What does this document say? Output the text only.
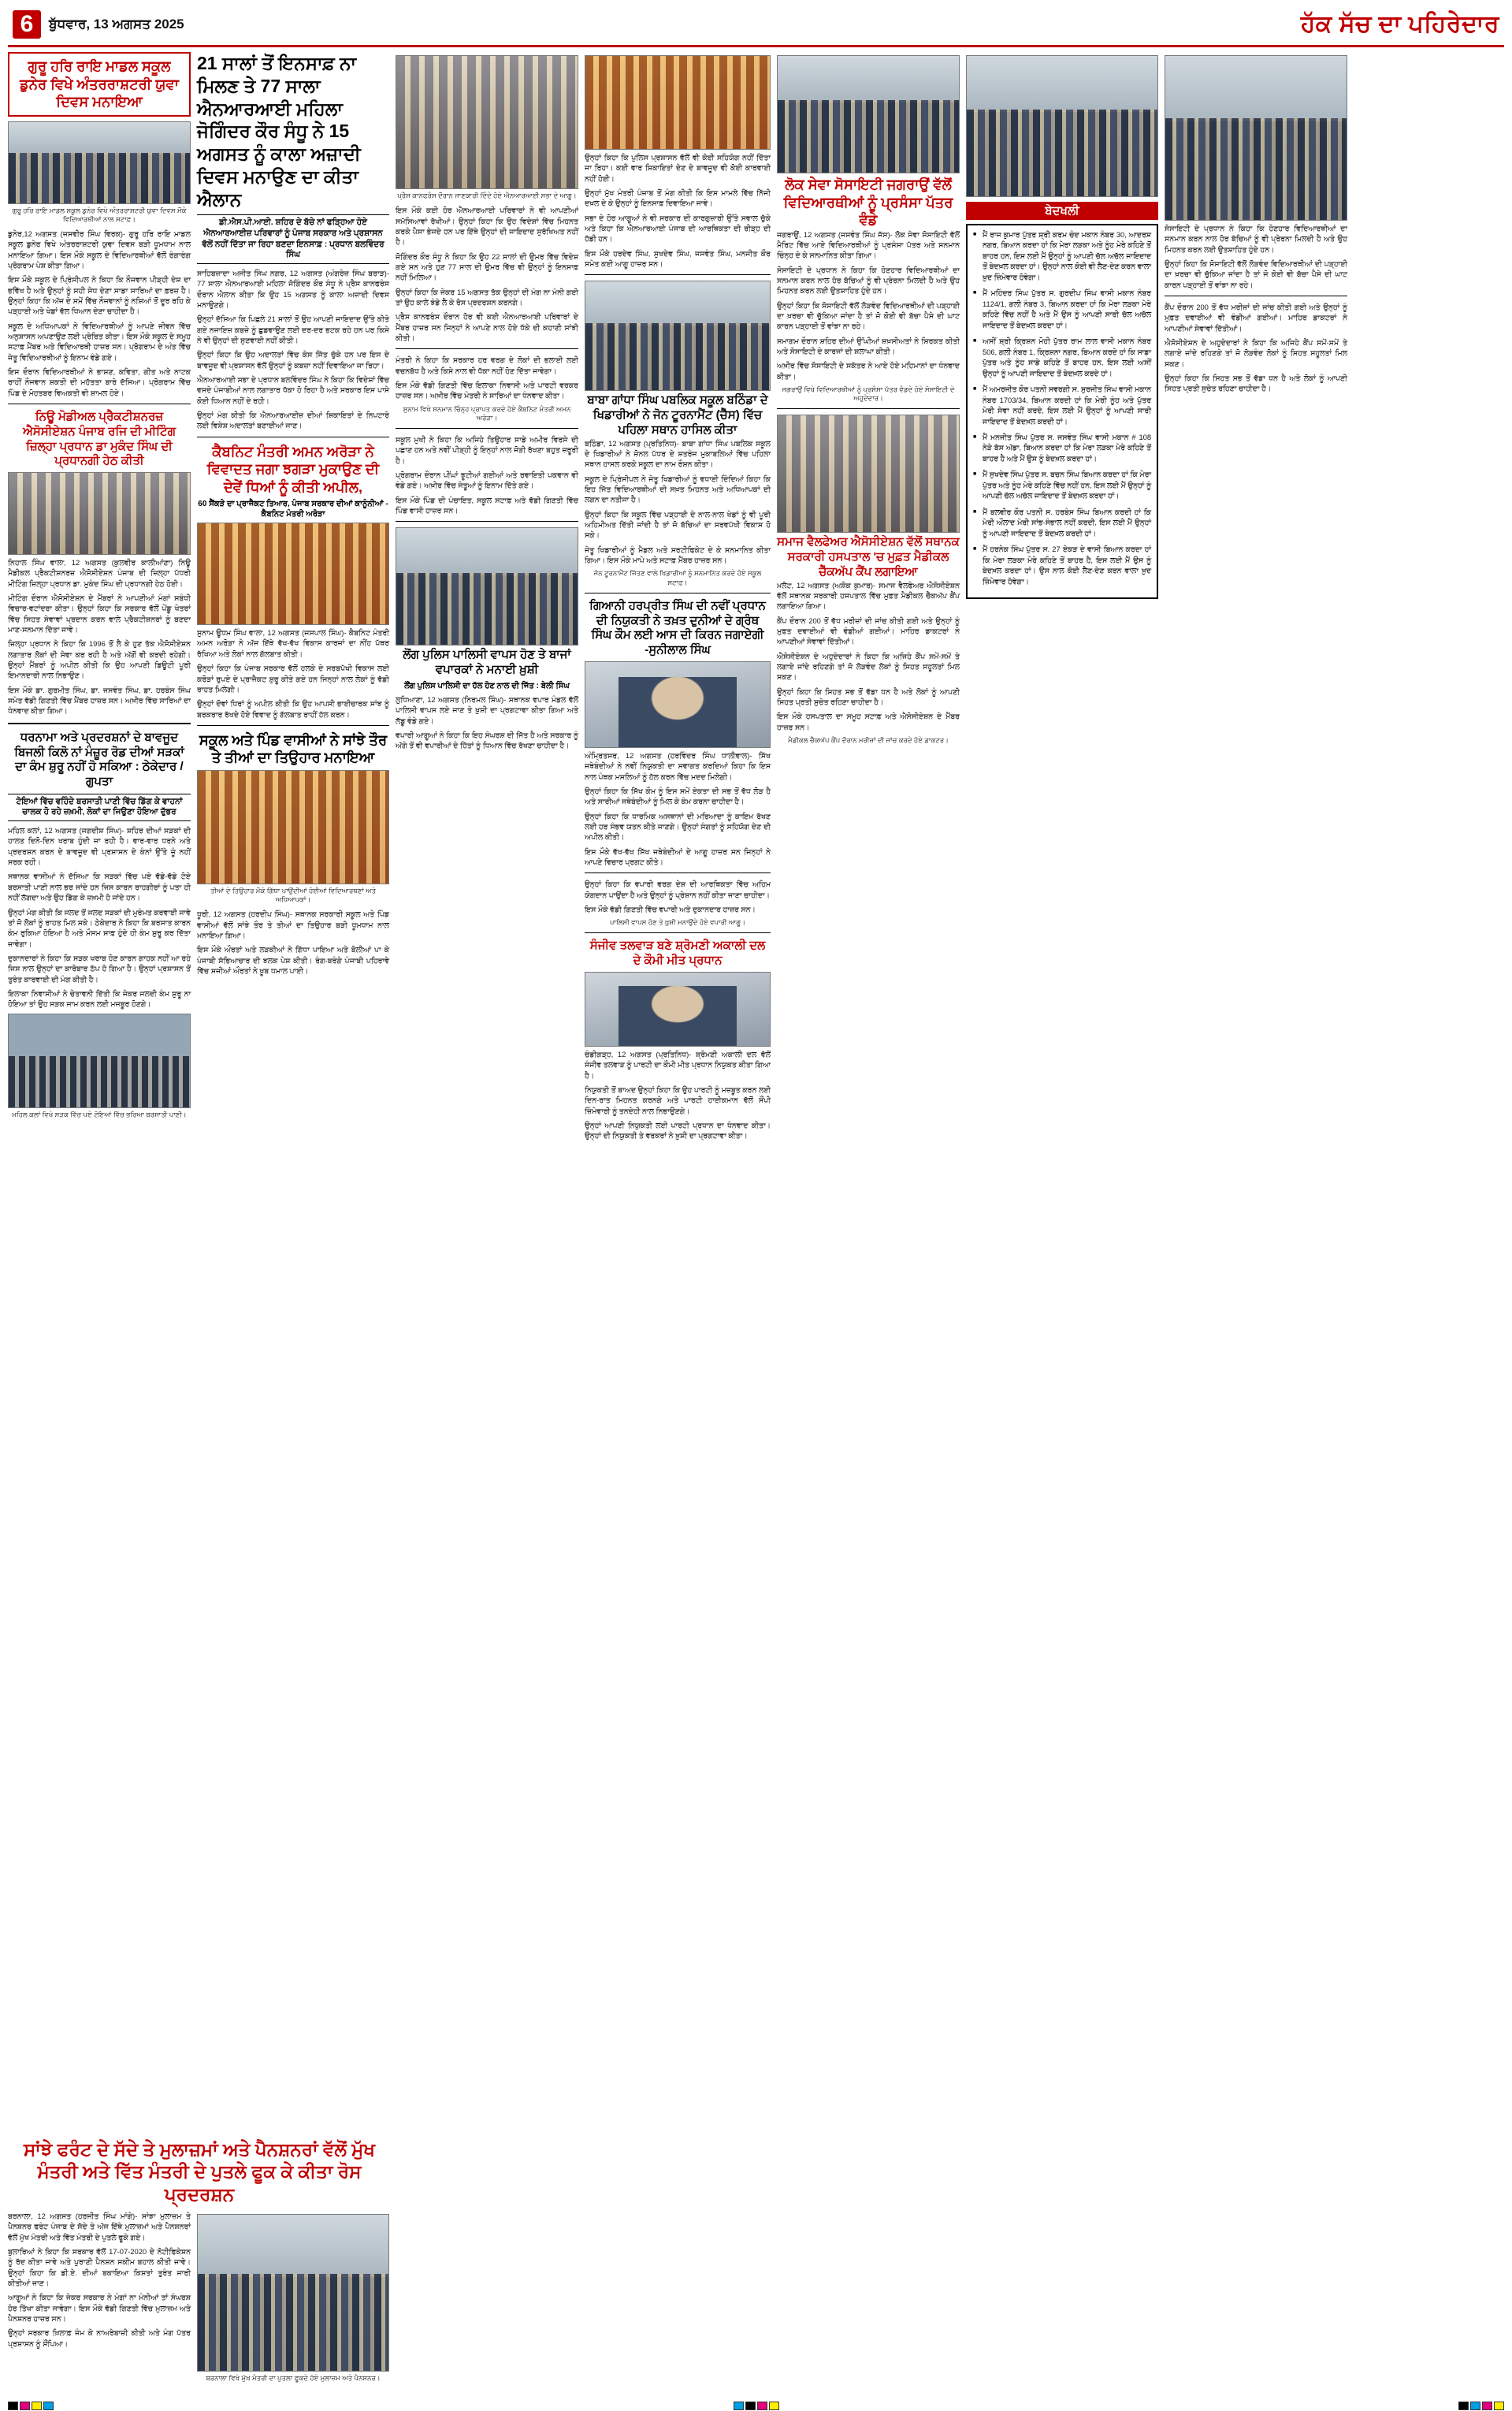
6	ਬੁੱਧਵਾਰ, 13 ਅਗਸਤ 2025	ਹੱਕ ਸੱਚ ਦਾ ਪਹਿਰੇਦਾਰ
ਗੁਰੂ ਹਰਿ ਰਾਇ ਮਾਡਲ ਸਕੂਲ ਡੁਨੇਰ ਵਿਖੇ ਅੰਤਰਰਾਸ਼ਟਰੀ ਯੁਵਾ ਦਿਵਸ ਮਨਾਇਆ
ਗੁਰੂ ਹਰਿ ਰਾਇ ਮਾਡਲ ਸਕੂਲ ਡੁਨੇਰ ਵਿਖੇ ਅੰਤਰਰਾਸ਼ਟਰੀ ਯੁਵਾ ਦਿਵਸ ਮੌਕੇ ਵਿਦਿਆਰਥੀਆਂ ਨਾਲ ਸਟਾਫ਼।

ਡੁਨੇਰ,12 ਅਗਸਤ (ਜਸਵੀਰ ਸਿੰਘ ਵਿਰਕ)- ਗੁਰੂ ਹਰਿ ਰਾਇ ਮਾਡਲ ਸਕੂਲ ਡੁਨੇਰ ਵਿਖੇ ਅੰਤਰਰਾਸ਼ਟਰੀ ਯੁਵਾ ਦਿਵਸ ਬੜੀ ਧੂਮਧਾਮ ਨਾਲ ਮਨਾਇਆ ਗਿਆ। ਇਸ ਮੌਕੇ ਸਕੂਲ ਦੇ ਵਿਦਿਆਰਥੀਆਂ ਵੱਲੋਂ ਰੰਗਾਰੰਗ ਪ੍ਰੋਗਰਾਮ ਪੇਸ਼ ਕੀਤਾ ਗਿਆ।

ਇਸ ਮੌਕੇ ਸਕੂਲ ਦੇ ਪ੍ਰਿੰਸੀਪਲ ਨੇ ਕਿਹਾ ਕਿ ਨੌਜਵਾਨ ਪੀੜ੍ਹੀ ਦੇਸ਼ ਦਾ ਭਵਿੱਖ ਹੈ ਅਤੇ ਉਨ੍ਹਾਂ ਨੂੰ ਸਹੀ ਸੇਧ ਦੇਣਾ ਸਾਡਾ ਸਾਰਿਆਂ ਦਾ ਫ਼ਰਜ਼ ਹੈ। ਉਨ੍ਹਾਂ ਕਿਹਾ ਕਿ ਅੱਜ ਦੇ ਸਮੇਂ ਵਿੱਚ ਨੌਜਵਾਨਾਂ ਨੂੰ ਨਸ਼ਿਆਂ ਤੋਂ ਦੂਰ ਰਹਿ ਕੇ ਪੜ੍ਹਾਈ ਅਤੇ ਖੇਡਾਂ ਵੱਲ ਧਿਆਨ ਦੇਣਾ ਚਾਹੀਦਾ ਹੈ।

ਸਕੂਲ ਦੇ ਅਧਿਆਪਕਾਂ ਨੇ ਵਿਦਿਆਰਥੀਆਂ ਨੂੰ ਆਪਣੇ ਜੀਵਨ ਵਿੱਚ ਅਨੁਸ਼ਾਸਨ ਅਪਣਾਉਣ ਲਈ ਪ੍ਰੇਰਿਤ ਕੀਤਾ। ਇਸ ਮੌਕੇ ਸਕੂਲ ਦੇ ਸਮੂਹ ਸਟਾਫ਼ ਮੈਂਬਰ ਅਤੇ ਵਿਦਿਆਰਥੀ ਹਾਜ਼ਰ ਸਨ। ਪ੍ਰੋਗਰਾਮ ਦੇ ਅੰਤ ਵਿੱਚ ਜੇਤੂ ਵਿਦਿਆਰਥੀਆਂ ਨੂੰ ਇਨਾਮ ਵੰਡੇ ਗਏ।

ਇਸ ਦੌਰਾਨ ਵਿਦਿਆਰਥੀਆਂ ਨੇ ਭਾਸ਼ਣ, ਕਵਿਤਾ, ਗੀਤ ਅਤੇ ਨਾਟਕ ਰਾਹੀਂ ਨੌਜਵਾਨ ਸ਼ਕਤੀ ਦੀ ਮਹੱਤਤਾ ਬਾਰੇ ਦੱਸਿਆ। ਪ੍ਰੋਗਰਾਮ ਵਿੱਚ ਪਿੰਡ ਦੇ ਮੋਹਤਬਰ ਵਿਅਕਤੀ ਵੀ ਸ਼ਾਮਲ ਹੋਏ।

ਨਿਊ ਮੋਡੀਅਲ ਪ੍ਰੈਕਟੀਸ਼ਨਰਜ਼ ਐਸੋਸੀਏਸ਼ਨ ਪੰਜਾਬ ਰਜਿ ਦੀ ਮੀਟਿੰਗ ਜ਼ਿਲ੍ਹਾ ਪ੍ਰਧਾਨ ਡਾ ਮੁਕੰਦ ਸਿੰਘ ਦੀ ਪ੍ਰਧਾਨਗੀ ਹੇਠ ਕੀਤੀ

ਨਿਹਾਲ ਸਿੰਘ ਵਾਲਾ, 12 ਅਗਸਤ (ਕੁਲਵੀਰ ਕਾਲੀਆਂਣਾ) ਨਿਊ ਮੈਡੀਕਲ ਪ੍ਰੈਕਟੀਸ਼ਨਰਜ਼ ਐਸੋਸੀਏਸ਼ਨ ਪੰਜਾਬ ਦੀ ਜ਼ਿਲ੍ਹਾ ਪੱਧਰੀ ਮੀਟਿੰਗ ਜ਼ਿਲ੍ਹਾ ਪ੍ਰਧਾਨ ਡਾ. ਮੁਕੰਦ ਸਿੰਘ ਦੀ ਪ੍ਰਧਾਨਗੀ ਹੇਠ ਹੋਈ।

ਮੀਟਿੰਗ ਦੌਰਾਨ ਐਸੋਸੀਏਸ਼ਨ ਦੇ ਮੈਂਬਰਾਂ ਨੇ ਆਪਣੀਆਂ ਮੰਗਾਂ ਸਬੰਧੀ ਵਿਚਾਰ-ਵਟਾਂਦਰਾ ਕੀਤਾ। ਉਨ੍ਹਾਂ ਕਿਹਾ ਕਿ ਸਰਕਾਰ ਵੱਲੋਂ ਪੇਂਡੂ ਖੇਤਰਾਂ ਵਿੱਚ ਸਿਹਤ ਸੇਵਾਵਾਂ ਪ੍ਰਦਾਨ ਕਰਨ ਵਾਲੇ ਪ੍ਰੈਕਟੀਸ਼ਨਰਾਂ ਨੂੰ ਬਣਦਾ ਮਾਣ-ਸਨਮਾਨ ਦਿੱਤਾ ਜਾਵੇ।

ਜ਼ਿਲ੍ਹਾ ਪ੍ਰਧਾਨ ਨੇ ਕਿਹਾ ਕਿ 1996 ਤੋਂ ਲੈ ਕੇ ਹੁਣ ਤੱਕ ਐਸੋਸੀਏਸ਼ਨ ਲਗਾਤਾਰ ਲੋਕਾਂ ਦੀ ਸੇਵਾ ਕਰ ਰਹੀ ਹੈ ਅਤੇ ਅੱਗੋਂ ਵੀ ਕਰਦੀ ਰਹੇਗੀ। ਉਨ੍ਹਾਂ ਮੈਂਬਰਾਂ ਨੂੰ ਅਪੀਲ ਕੀਤੀ ਕਿ ਉਹ ਆਪਣੀ ਡਿਊਟੀ ਪੂਰੀ ਇਮਾਨਦਾਰੀ ਨਾਲ ਨਿਭਾਉਣ।

ਇਸ ਮੌਕੇ ਡਾ. ਗੁਰਮੀਤ ਸਿੰਘ, ਡਾ. ਜਸਵੰਤ ਸਿੰਘ, ਡਾ. ਹਰਬੰਸ ਸਿੰਘ ਸਮੇਤ ਵੱਡੀ ਗਿਣਤੀ ਵਿੱਚ ਮੈਂਬਰ ਹਾਜ਼ਰ ਸਨ। ਅਖ਼ੀਰ ਵਿੱਚ ਸਾਰਿਆਂ ਦਾ ਧੰਨਵਾਦ ਕੀਤਾ ਗਿਆ।

ਧਰਨਾਮਾ ਅਤੇ ਪ੍ਰਦਰਸ਼ਨਾਂ ਦੇ ਬਾਵਜੂਦ ਬਿਜਲੀ ਕਿਲੋ ਨਾਂ ਮੰਜ਼ੂਰ ਰੋਡ ਦੀਆਂ ਸੜਕਾਂ ਦਾ ਕੰਮ ਸ਼ੁਰੂ ਨਹੀਂ ਹੋ ਸਕਿਆ : ਠੇਕੇਦਾਰ / ਗੁਪਤਾ
ਟੋਇਆਂ ਵਿੱਚ ਵਹਿੰਦੇ ਬਰਸਾਤੀ ਪਾਣੀ ਵਿੱਚ ਡਿੱਗ ਕੇ ਵਾਹਨਾਂ ਚਾਲਕ ਹੋ ਰਹੇ ਜ਼ਖ਼ਮੀ, ਲੋਕਾਂ ਦਾ ਜਿਉਣਾ ਹੋਇਆ ਦੁੱਭਰ

ਮਹਿਲ ਕਲਾਂ, 12 ਅਗਸਤ (ਜਗਦੀਸ਼ ਸਿੰਘ)- ਸ਼ਹਿਰ ਦੀਆਂ ਸੜਕਾਂ ਦੀ ਹਾਲਤ ਦਿਨੋ-ਦਿਨ ਖਰਾਬ ਹੁੰਦੀ ਜਾ ਰਹੀ ਹੈ। ਵਾਰ-ਵਾਰ ਧਰਨੇ ਅਤੇ ਪ੍ਰਦਰਸ਼ਨ ਕਰਨ ਦੇ ਬਾਵਜੂਦ ਵੀ ਪ੍ਰਸ਼ਾਸਨ ਦੇ ਕੰਨਾਂ ਉੱਤੇ ਜੂੰ ਨਹੀਂ ਸਰਕ ਰਹੀ।

ਸਥਾਨਕ ਵਾਸੀਆਂ ਨੇ ਦੱਸਿਆ ਕਿ ਸੜਕਾਂ ਵਿੱਚ ਪਏ ਵੱਡੇ-ਵੱਡੇ ਟੋਏ ਬਰਸਾਤੀ ਪਾਣੀ ਨਾਲ ਭਰ ਜਾਂਦੇ ਹਨ ਜਿਸ ਕਾਰਨ ਰਾਹਗੀਰਾਂ ਨੂੰ ਪਤਾ ਹੀ ਨਹੀਂ ਲੱਗਦਾ ਅਤੇ ਉਹ ਡਿੱਗ ਕੇ ਜ਼ਖ਼ਮੀ ਹੋ ਜਾਂਦੇ ਹਨ।

ਉਨ੍ਹਾਂ ਮੰਗ ਕੀਤੀ ਕਿ ਜਲਦ ਤੋਂ ਜਲਦ ਸੜਕਾਂ ਦੀ ਮੁਰੰਮਤ ਕਰਵਾਈ ਜਾਵੇ ਤਾਂ ਜੋ ਲੋਕਾਂ ਨੂੰ ਰਾਹਤ ਮਿਲ ਸਕੇ। ਠੇਕੇਦਾਰ ਨੇ ਕਿਹਾ ਕਿ ਬਰਸਾਤ ਕਾਰਨ ਕੰਮ ਰੁਕਿਆ ਹੋਇਆ ਹੈ ਅਤੇ ਮੌਸਮ ਸਾਫ਼ ਹੁੰਦੇ ਹੀ ਕੰਮ ਸ਼ੁਰੂ ਕਰ ਦਿੱਤਾ ਜਾਵੇਗਾ।

ਦੁਕਾਨਦਾਰਾਂ ਨੇ ਕਿਹਾ ਕਿ ਸੜਕ ਖਰਾਬ ਹੋਣ ਕਾਰਨ ਗਾਹਕ ਨਹੀਂ ਆ ਰਹੇ ਜਿਸ ਨਾਲ ਉਨ੍ਹਾਂ ਦਾ ਕਾਰੋਬਾਰ ਠੱਪ ਹੋ ਗਿਆ ਹੈ। ਉਨ੍ਹਾਂ ਪ੍ਰਸ਼ਾਸਨ ਤੋਂ ਤੁਰੰਤ ਕਾਰਵਾਈ ਦੀ ਮੰਗ ਕੀਤੀ ਹੈ।

ਇਲਾਕਾ ਨਿਵਾਸੀਆਂ ਨੇ ਚੇਤਾਵਨੀ ਦਿੱਤੀ ਕਿ ਜੇਕਰ ਜਲਦੀ ਕੰਮ ਸ਼ੁਰੂ ਨਾ ਹੋਇਆ ਤਾਂ ਉਹ ਸੜਕ ਜਾਮ ਕਰਨ ਲਈ ਮਜਬੂਰ ਹੋਣਗੇ।

ਮਹਿਲ ਕਲਾਂ ਵਿਖੇ ਸੜਕ ਵਿੱਚ ਪਏ ਟੋਇਆਂ ਵਿੱਚ ਭਰਿਆ ਬਰਸਾਤੀ ਪਾਣੀ।
21 ਸਾਲਾਂ ਤੋਂ ਇਨਸਾਫ਼ ਨਾ ਮਿਲਣ ਤੇ 77 ਸਾਲਾ ਐਨਆਰਆਈ ਮਹਿਲਾ ਜੋਗਿੰਦਰ ਕੌਰ ਸੰਧੂ ਨੇ 15 ਅਗਸਤ ਨੂੰ ਕਾਲਾ ਅਜ਼ਾਦੀ ਦਿਵਸ ਮਨਾਉਣ ਦਾ ਕੀਤਾ ਐਲਾਨ
ਡੀ.ਐਸ.ਪੀ.ਆਈ. ਸ਼ਹਿਰ ਦੇ ਬੱਚੇ ਨਾਂ ਫੜ੍ਹਿਆ ਹੋਏ ਐਨਆਰਆਈਜ਼ ਪਰਿਵਾਰਾਂ ਨੂੰ ਪੰਜਾਬ ਸਰਕਾਰ ਅਤੇ ਪ੍ਰਸ਼ਾਸਨ ਵੱਲੋਂ ਨਹੀਂ ਦਿੱਤਾ ਜਾ ਰਿਹਾ ਬਣਦਾ ਇਨਸਾਫ਼ : ਪ੍ਰਧਾਨ ਬਲਵਿੰਦਰ ਸਿੰਘ

ਸਾਹਿਬਜ਼ਾਦਾ ਅਜੀਤ ਸਿੰਘ ਨਗਰ, 12 ਅਗਸਤ (ਅੰਗਰੇਜ਼ ਸਿੰਘ ਬਰਾੜ)- 77 ਸਾਲਾ ਐਨਆਰਆਈ ਮਹਿਲਾ ਜੋਗਿੰਦਰ ਕੌਰ ਸੰਧੂ ਨੇ ਪ੍ਰੈਸ ਕਾਨਫਰੰਸ ਦੌਰਾਨ ਐਲਾਨ ਕੀਤਾ ਕਿ ਉਹ 15 ਅਗਸਤ ਨੂੰ ਕਾਲਾ ਅਜ਼ਾਦੀ ਦਿਵਸ ਮਨਾਉਣਗੇ।

ਉਨ੍ਹਾਂ ਦੱਸਿਆ ਕਿ ਪਿਛਲੇ 21 ਸਾਲਾਂ ਤੋਂ ਉਹ ਆਪਣੀ ਜਾਇਦਾਦ ਉੱਤੇ ਕੀਤੇ ਗਏ ਨਜਾਇਜ਼ ਕਬਜ਼ੇ ਨੂੰ ਛੁਡਵਾਉਣ ਲਈ ਦਰ-ਦਰ ਭਟਕ ਰਹੇ ਹਨ ਪਰ ਕਿਸੇ ਨੇ ਵੀ ਉਨ੍ਹਾਂ ਦੀ ਸੁਣਵਾਈ ਨਹੀਂ ਕੀਤੀ।

ਉਨ੍ਹਾਂ ਕਿਹਾ ਕਿ ਉਹ ਅਦਾਲਤਾਂ ਵਿੱਚ ਕੇਸ ਜਿੱਤ ਚੁੱਕੇ ਹਨ ਪਰ ਇਸ ਦੇ ਬਾਵਜੂਦ ਵੀ ਪ੍ਰਸ਼ਾਸਨ ਵੱਲੋਂ ਉਨ੍ਹਾਂ ਨੂੰ ਕਬਜ਼ਾ ਨਹੀਂ ਦਿਵਾਇਆ ਜਾ ਰਿਹਾ।

ਐਨਆਰਆਈ ਸਭਾ ਦੇ ਪ੍ਰਧਾਨ ਬਲਵਿੰਦਰ ਸਿੰਘ ਨੇ ਕਿਹਾ ਕਿ ਵਿਦੇਸ਼ਾਂ ਵਿੱਚ ਵਸਦੇ ਪੰਜਾਬੀਆਂ ਨਾਲ ਲਗਾਤਾਰ ਧੱਕਾ ਹੋ ਰਿਹਾ ਹੈ ਅਤੇ ਸਰਕਾਰ ਇਸ ਪਾਸੇ ਕੋਈ ਧਿਆਨ ਨਹੀਂ ਦੇ ਰਹੀ।

ਉਨ੍ਹਾਂ ਮੰਗ ਕੀਤੀ ਕਿ ਐਨਆਰਆਈਜ਼ ਦੀਆਂ ਸ਼ਿਕਾਇਤਾਂ ਦੇ ਨਿਪਟਾਰੇ ਲਈ ਵਿਸ਼ੇਸ਼ ਅਦਾਲਤਾਂ ਬਣਾਈਆਂ ਜਾਣ।

ਕੈਬਨਿਟ ਮੰਤਰੀ ਅਮਨ ਅਰੋੜਾ ਨੇ ਵਿਵਾਦਤ ਜਗਾ ਝਗੜਾ ਮੁਕਾਉਣ ਦੀ ਦੇਵੇਂ ਧਿਆਂ ਨੂੰ ਕੀਤੀ ਅਪੀਲ,
60 ਸੈਂਕੜੇ ਦਾ ਪ੍ਰਾਜੈਕਟ ਤਿਆਰ, ਪੰਜਾਬ ਸਰਕਾਰ ਦੀਆਂ ਕਾਨੂੰਨੀਆਂ - ਕੈਬਨਿਟ ਮੰਤਰੀ ਅਰੋੜਾ

ਸੁਨਾਮ ਊਧਮ ਸਿੰਘ ਵਾਲਾ, 12 ਅਗਸਤ (ਜਸਪਾਲ ਸਿੰਘ)- ਕੈਬਨਿਟ ਮੰਤਰੀ ਅਮਨ ਅਰੋੜਾ ਨੇ ਅੱਜ ਇੱਥੇ ਵੱਖ-ਵੱਖ ਵਿਕਾਸ ਕਾਰਜਾਂ ਦਾ ਨੀਂਹ ਪੱਥਰ ਰੱਖਿਆ ਅਤੇ ਲੋਕਾਂ ਨਾਲ ਗੱਲਬਾਤ ਕੀਤੀ।

ਉਨ੍ਹਾਂ ਕਿਹਾ ਕਿ ਪੰਜਾਬ ਸਰਕਾਰ ਵੱਲੋਂ ਹਲਕੇ ਦੇ ਸਰਬਪੱਖੀ ਵਿਕਾਸ ਲਈ ਕਰੋੜਾਂ ਰੁਪਏ ਦੇ ਪ੍ਰਾਜੈਕਟ ਸ਼ੁਰੂ ਕੀਤੇ ਗਏ ਹਨ ਜਿਨ੍ਹਾਂ ਨਾਲ ਲੋਕਾਂ ਨੂੰ ਵੱਡੀ ਰਾਹਤ ਮਿਲੇਗੀ।

ਉਨ੍ਹਾਂ ਦੋਵਾਂ ਧਿਰਾਂ ਨੂੰ ਅਪੀਲ ਕੀਤੀ ਕਿ ਉਹ ਆਪਸੀ ਭਾਈਚਾਰਕ ਸਾਂਝ ਨੂੰ ਬਰਕਰਾਰ ਰੱਖਦੇ ਹੋਏ ਵਿਵਾਦ ਨੂੰ ਗੱਲਬਾਤ ਰਾਹੀਂ ਹੱਲ ਕਰਨ।

ਸਕੂਲ ਅਤੇ ਪਿੰਡ ਵਾਸੀਆਂ ਨੇ ਸਾਂਝੇ ਤੌਰ ਤੇ ਤੀਆਂ ਦਾ ਤਿਉਹਾਰ ਮਨਾਇਆ
ਤੀਆਂ ਦੇ ਤਿਉਹਾਰ ਮੌਕੇ ਗਿੱਧਾ ਪਾਉਂਦੀਆਂ ਹੋਈਆਂ ਵਿਦਿਆਰਥਣਾਂ ਅਤੇ ਅਧਿਆਪਕਾਂ।

ਧੂਰੀ, 12 ਅਗਸਤ (ਹਰਦੀਪ ਸਿੰਘ)- ਸਥਾਨਕ ਸਰਕਾਰੀ ਸਕੂਲ ਅਤੇ ਪਿੰਡ ਵਾਸੀਆਂ ਵੱਲੋਂ ਸਾਂਝੇ ਤੌਰ ਤੇ ਤੀਆਂ ਦਾ ਤਿਉਹਾਰ ਬੜੀ ਧੂਮਧਾਮ ਨਾਲ ਮਨਾਇਆ ਗਿਆ।

ਇਸ ਮੌਕੇ ਔਰਤਾਂ ਅਤੇ ਲੜਕੀਆਂ ਨੇ ਗਿੱਧਾ ਪਾਇਆ ਅਤੇ ਬੋਲੀਆਂ ਪਾ ਕੇ ਪੰਜਾਬੀ ਸੱਭਿਆਚਾਰ ਦੀ ਝਲਕ ਪੇਸ਼ ਕੀਤੀ। ਰੰਗ-ਬਰੰਗੇ ਪੰਜਾਬੀ ਪਹਿਰਾਵੇ ਵਿੱਚ ਸਜੀਆਂ ਔਰਤਾਂ ਨੇ ਖ਼ੂਬ ਧਮਾਲ ਪਾਈ।

ਪ੍ਰੈਸ ਕਾਨਫਰੰਸ ਦੌਰਾਨ ਜਾਣਕਾਰੀ ਦਿੰਦੇ ਹੋਏ ਐਨਆਰਆਈ ਸਭਾ ਦੇ ਆਗੂ।

ਇਸ ਮੌਕੇ ਕਈ ਹੋਰ ਐਨਆਰਆਈ ਪਰਿਵਾਰਾਂ ਨੇ ਵੀ ਆਪਣੀਆਂ ਸਮੱਸਿਆਵਾਂ ਰੱਖੀਆਂ। ਉਨ੍ਹਾਂ ਕਿਹਾ ਕਿ ਉਹ ਵਿਦੇਸ਼ਾਂ ਵਿੱਚ ਮਿਹਨਤ ਕਰਕੇ ਪੈਸਾ ਭੇਜਦੇ ਹਨ ਪਰ ਇੱਥੇ ਉਨ੍ਹਾਂ ਦੀ ਜਾਇਦਾਦ ਸੁਰੱਖਿਅਤ ਨਹੀਂ ਹੈ।

ਜੋਗਿੰਦਰ ਕੌਰ ਸੰਧੂ ਨੇ ਕਿਹਾ ਕਿ ਉਹ 22 ਸਾਲਾਂ ਦੀ ਉਮਰ ਵਿੱਚ ਵਿਦੇਸ਼ ਗਏ ਸਨ ਅਤੇ ਹੁਣ 77 ਸਾਲ ਦੀ ਉਮਰ ਵਿੱਚ ਵੀ ਉਨ੍ਹਾਂ ਨੂੰ ਇਨਸਾਫ਼ ਨਹੀਂ ਮਿਲਿਆ।

ਉਨ੍ਹਾਂ ਕਿਹਾ ਕਿ ਜੇਕਰ 15 ਅਗਸਤ ਤੱਕ ਉਨ੍ਹਾਂ ਦੀ ਮੰਗ ਨਾ ਮੰਨੀ ਗਈ ਤਾਂ ਉਹ ਕਾਲੇ ਝੰਡੇ ਲੈ ਕੇ ਰੋਸ ਪ੍ਰਦਰਸ਼ਨ ਕਰਨਗੇ।

ਪ੍ਰੈਸ ਕਾਨਫਰੰਸ ਦੌਰਾਨ ਹੋਰ ਵੀ ਕਈ ਐਨਆਰਆਈ ਪਰਿਵਾਰਾਂ ਦੇ ਮੈਂਬਰ ਹਾਜ਼ਰ ਸਨ ਜਿਨ੍ਹਾਂ ਨੇ ਆਪਣੇ ਨਾਲ ਹੋਏ ਧੱਕੇ ਦੀ ਕਹਾਣੀ ਸਾਂਝੀ ਕੀਤੀ।

ਮੰਤਰੀ ਨੇ ਕਿਹਾ ਕਿ ਸਰਕਾਰ ਹਰ ਵਰਗ ਦੇ ਲੋਕਾਂ ਦੀ ਭਲਾਈ ਲਈ ਵਚਨਬੱਧ ਹੈ ਅਤੇ ਕਿਸੇ ਨਾਲ ਵੀ ਧੱਕਾ ਨਹੀਂ ਹੋਣ ਦਿੱਤਾ ਜਾਵੇਗਾ।

ਇਸ ਮੌਕੇ ਵੱਡੀ ਗਿਣਤੀ ਵਿੱਚ ਇਲਾਕਾ ਨਿਵਾਸੀ ਅਤੇ ਪਾਰਟੀ ਵਰਕਰ ਹਾਜ਼ਰ ਸਨ। ਅਖ਼ੀਰ ਵਿੱਚ ਮੰਤਰੀ ਨੇ ਸਾਰਿਆਂ ਦਾ ਧੰਨਵਾਦ ਕੀਤਾ।

ਸੁਨਾਮ ਵਿਖੇ ਸਨਮਾਨ ਚਿੰਨ੍ਹ ਪ੍ਰਾਪਤ ਕਰਦੇ ਹੋਏ ਕੈਬਨਿਟ ਮੰਤਰੀ ਅਮਨ ਅਰੋੜਾ।

ਸਕੂਲ ਮੁਖੀ ਨੇ ਕਿਹਾ ਕਿ ਅਜਿਹੇ ਤਿਉਹਾਰ ਸਾਡੇ ਅਮੀਰ ਵਿਰਸੇ ਦੀ ਪਛਾਣ ਹਨ ਅਤੇ ਨਵੀਂ ਪੀੜ੍ਹੀ ਨੂੰ ਇਨ੍ਹਾਂ ਨਾਲ ਜੋੜੀ ਰੱਖਣਾ ਬਹੁਤ ਜ਼ਰੂਰੀ ਹੈ।

ਪ੍ਰੋਗਰਾਮ ਦੌਰਾਨ ਪੀਂਘਾਂ ਝੂਟੀਆਂ ਗਈਆਂ ਅਤੇ ਰਵਾਇਤੀ ਪਕਵਾਨ ਵੀ ਵੰਡੇ ਗਏ। ਅਖ਼ੀਰ ਵਿੱਚ ਜੇਤੂਆਂ ਨੂੰ ਇਨਾਮ ਦਿੱਤੇ ਗਏ।

ਇਸ ਮੌਕੇ ਪਿੰਡ ਦੀ ਪੰਚਾਇਤ, ਸਕੂਲ ਸਟਾਫ਼ ਅਤੇ ਵੱਡੀ ਗਿਣਤੀ ਵਿੱਚ ਪਿੰਡ ਵਾਸੀ ਹਾਜ਼ਰ ਸਨ।

ਲੋਂਗ ਪੁਲਿਸ ਪਾਲਿਸੀ ਵਾਪਸ ਹੋਣ ਤੇ ਬਾਜਾਂ ਵਪਾਰਕਾਂ ਨੇ ਮਨਾਈ ਖ਼ੁਸ਼ੀ
ਲੌਂਗ ਪੁਲਿਸ ਪਾਲਿਸੀ ਦਾ ਹੱਲ ਹੋਣ ਨਾਲ ਦੀ ਜਿੱਤ : ਬੇਲੀ ਸਿੰਘ

ਲੁਧਿਆਣਾ, 12 ਅਗਸਤ (ਨਿਰਮਲ ਸਿੰਘ)- ਸਥਾਨਕ ਵਪਾਰ ਮੰਡਲ ਵੱਲੋਂ ਪਾਲਿਸੀ ਵਾਪਸ ਲਏ ਜਾਣ ਤੇ ਖ਼ੁਸ਼ੀ ਦਾ ਪ੍ਰਗਟਾਵਾ ਕੀਤਾ ਗਿਆ ਅਤੇ ਲੱਡੂ ਵੰਡੇ ਗਏ।

ਵਪਾਰੀ ਆਗੂਆਂ ਨੇ ਕਿਹਾ ਕਿ ਇਹ ਸੰਘਰਸ਼ ਦੀ ਜਿੱਤ ਹੈ ਅਤੇ ਸਰਕਾਰ ਨੂੰ ਅੱਗੇ ਤੋਂ ਵੀ ਵਪਾਰੀਆਂ ਦੇ ਹਿੱਤਾਂ ਨੂੰ ਧਿਆਨ ਵਿੱਚ ਰੱਖਣਾ ਚਾਹੀਦਾ ਹੈ।

ਉਨ੍ਹਾਂ ਕਿਹਾ ਕਿ ਪੁਲਿਸ ਪ੍ਰਸ਼ਾਸਨ ਵੱਲੋਂ ਵੀ ਕੋਈ ਸਹਿਯੋਗ ਨਹੀਂ ਦਿੱਤਾ ਜਾ ਰਿਹਾ। ਕਈ ਵਾਰ ਸ਼ਿਕਾਇਤਾਂ ਦੇਣ ਦੇ ਬਾਵਜੂਦ ਵੀ ਕੋਈ ਕਾਰਵਾਈ ਨਹੀਂ ਹੋਈ।

ਉਨ੍ਹਾਂ ਮੁੱਖ ਮੰਤਰੀ ਪੰਜਾਬ ਤੋਂ ਮੰਗ ਕੀਤੀ ਕਿ ਇਸ ਮਾਮਲੇ ਵਿੱਚ ਨਿੱਜੀ ਦਖ਼ਲ ਦੇ ਕੇ ਉਨ੍ਹਾਂ ਨੂੰ ਇਨਸਾਫ਼ ਦਿਵਾਇਆ ਜਾਵੇ।

ਸਭਾ ਦੇ ਹੋਰ ਆਗੂਆਂ ਨੇ ਵੀ ਸਰਕਾਰ ਦੀ ਕਾਰਗੁਜ਼ਾਰੀ ਉੱਤੇ ਸਵਾਲ ਚੁੱਕੇ ਅਤੇ ਕਿਹਾ ਕਿ ਐਨਆਰਆਈ ਪੰਜਾਬ ਦੀ ਆਰਥਿਕਤਾ ਦੀ ਰੀੜ੍ਹ ਦੀ ਹੱਡੀ ਹਨ।

ਇਸ ਮੌਕੇ ਹਰਦੇਵ ਸਿੰਘ, ਸੁਖਦੇਵ ਸਿੰਘ, ਜਸਵੰਤ ਸਿੰਘ, ਮਨਜੀਤ ਕੌਰ ਸਮੇਤ ਕਈ ਆਗੂ ਹਾਜ਼ਰ ਸਨ।

ਬਾਬਾ ਗਾਂਧਾ ਸਿੰਘ ਪਬਲਿਕ ਸਕੂਲ ਬਠਿੰਡਾ ਦੇ ਖਿਡਾਰੀਆਂ ਨੇ ਜੋਨ ਟੂਰਨਾਮੈਂਟ (ਚੈੱਸ) ਵਿੱਚ ਪਹਿਲਾ ਸਥਾਨ ਹਾਸਿਲ ਕੀਤਾ

ਬਠਿੰਡਾ, 12 ਅਗਸਤ (ਪ੍ਰਤਿਨਿਧ)- ਬਾਬਾ ਗਾਂਧਾ ਸਿੰਘ ਪਬਲਿਕ ਸਕੂਲ ਦੇ ਖਿਡਾਰੀਆਂ ਨੇ ਜ਼ੋਨਲ ਪੱਧਰ ਦੇ ਸ਼ਤਰੰਜ ਮੁਕਾਬਲਿਆਂ ਵਿੱਚ ਪਹਿਲਾ ਸਥਾਨ ਹਾਸਲ ਕਰਕੇ ਸਕੂਲ ਦਾ ਨਾਮ ਰੌਸ਼ਨ ਕੀਤਾ।

ਸਕੂਲ ਦੇ ਪ੍ਰਿੰਸੀਪਲ ਨੇ ਜੇਤੂ ਖਿਡਾਰੀਆਂ ਨੂੰ ਵਧਾਈ ਦਿੰਦਿਆਂ ਕਿਹਾ ਕਿ ਇਹ ਜਿੱਤ ਵਿਦਿਆਰਥੀਆਂ ਦੀ ਸਖ਼ਤ ਮਿਹਨਤ ਅਤੇ ਅਧਿਆਪਕਾਂ ਦੀ ਲਗਨ ਦਾ ਨਤੀਜਾ ਹੈ।

ਉਨ੍ਹਾਂ ਕਿਹਾ ਕਿ ਸਕੂਲ ਵਿੱਚ ਪੜ੍ਹਾਈ ਦੇ ਨਾਲ-ਨਾਲ ਖੇਡਾਂ ਨੂੰ ਵੀ ਪੂਰੀ ਅਹਿਮੀਅਤ ਦਿੱਤੀ ਜਾਂਦੀ ਹੈ ਤਾਂ ਜੋ ਬੱਚਿਆਂ ਦਾ ਸਰਵਪੱਖੀ ਵਿਕਾਸ ਹੋ ਸਕੇ।

ਜੇਤੂ ਖਿਡਾਰੀਆਂ ਨੂੰ ਮੈਡਲ ਅਤੇ ਸਰਟੀਫਿਕੇਟ ਦੇ ਕੇ ਸਨਮਾਨਿਤ ਕੀਤਾ ਗਿਆ। ਇਸ ਮੌਕੇ ਮਾਪੇ ਅਤੇ ਸਟਾਫ਼ ਮੈਂਬਰ ਹਾਜ਼ਰ ਸਨ।

ਜੋਨ ਟੂਰਨਾਮੈਂਟ ਜਿੱਤਣ ਵਾਲੇ ਖਿਡਾਰੀਆਂ ਨੂੰ ਸਨਮਾਨਿਤ ਕਰਦੇ ਹੋਏ ਸਕੂਲ ਸਟਾਫ਼।
ਗਿਆਨੀ ਹਰਪ੍ਰੀਤ ਸਿੰਘ ਦੀ ਨਵੀਂ ਪ੍ਰਧਾਨ ਦੀ ਨਿਯੁਕਤੀ ਨੇ ਤਖ਼ਤ ਦੁਨੀਆਂ ਦੇ ਗ੍ਰੰਥ ਸਿੰਘ ਕੌਮ ਲਈ ਆਸ ਦੀ ਕਿਰਨ ਜਗਾਏਗੀ -ਸੁਨੀਲਾਲ ਸਿੰਘ

ਅੰਮ੍ਰਿਤਸਰ, 12 ਅਗਸਤ (ਹਰਵਿੰਦਰ ਸਿੰਘ ਧਾਲੀਵਾਲ)- ਸਿੱਖ ਜਥੇਬੰਦੀਆਂ ਨੇ ਨਵੀਂ ਨਿਯੁਕਤੀ ਦਾ ਸਵਾਗਤ ਕਰਦਿਆਂ ਕਿਹਾ ਕਿ ਇਸ ਨਾਲ ਪੰਥਕ ਮਸਲਿਆਂ ਨੂੰ ਹੱਲ ਕਰਨ ਵਿੱਚ ਮਦਦ ਮਿਲੇਗੀ।

ਉਨ੍ਹਾਂ ਕਿਹਾ ਕਿ ਸਿੱਖ ਕੌਮ ਨੂੰ ਇਸ ਸਮੇਂ ਏਕਤਾ ਦੀ ਸਭ ਤੋਂ ਵੱਧ ਲੋੜ ਹੈ ਅਤੇ ਸਾਰੀਆਂ ਜਥੇਬੰਦੀਆਂ ਨੂੰ ਮਿਲ ਕੇ ਕੰਮ ਕਰਨਾ ਚਾਹੀਦਾ ਹੈ।

ਉਨ੍ਹਾਂ ਕਿਹਾ ਕਿ ਧਾਰਮਿਕ ਅਸਥਾਨਾਂ ਦੀ ਮਰਿਆਦਾ ਨੂੰ ਕਾਇਮ ਰੱਖਣ ਲਈ ਹਰ ਸੰਭਵ ਯਤਨ ਕੀਤੇ ਜਾਣਗੇ। ਉਨ੍ਹਾਂ ਸੰਗਤਾਂ ਨੂੰ ਸਹਿਯੋਗ ਦੇਣ ਦੀ ਅਪੀਲ ਕੀਤੀ।

ਇਸ ਮੌਕੇ ਵੱਖ-ਵੱਖ ਸਿੱਖ ਜਥੇਬੰਦੀਆਂ ਦੇ ਆਗੂ ਹਾਜ਼ਰ ਸਨ ਜਿਨ੍ਹਾਂ ਨੇ ਆਪਣੇ ਵਿਚਾਰ ਪ੍ਰਗਟ ਕੀਤੇ।

ਉਨ੍ਹਾਂ ਕਿਹਾ ਕਿ ਵਪਾਰੀ ਵਰਗ ਦੇਸ਼ ਦੀ ਆਰਥਿਕਤਾ ਵਿੱਚ ਅਹਿਮ ਯੋਗਦਾਨ ਪਾਉਂਦਾ ਹੈ ਅਤੇ ਉਨ੍ਹਾਂ ਨੂੰ ਪ੍ਰੇਸ਼ਾਨ ਨਹੀਂ ਕੀਤਾ ਜਾਣਾ ਚਾਹੀਦਾ।

ਇਸ ਮੌਕੇ ਵੱਡੀ ਗਿਣਤੀ ਵਿੱਚ ਵਪਾਰੀ ਅਤੇ ਦੁਕਾਨਦਾਰ ਹਾਜ਼ਰ ਸਨ।

ਪਾਲਿਸੀ ਵਾਪਸ ਹੋਣ ਤੇ ਖ਼ੁਸ਼ੀ ਮਨਾਉਂਦੇ ਹੋਏ ਵਪਾਰੀ ਆਗੂ।
ਸੰਜੀਵ ਤਲਵਾੜ ਬਣੇ ਸ਼੍ਰੋਮਣੀ ਅਕਾਲੀ ਦਲ ਦੇ ਕੌਮੀ ਮੀਤ ਪ੍ਰਧਾਨ

ਚੰਡੀਗੜ੍ਹ, 12 ਅਗਸਤ (ਪ੍ਰਤਿਨਿਧ)- ਸ਼੍ਰੋਮਣੀ ਅਕਾਲੀ ਦਲ ਵੱਲੋਂ ਸੰਜੀਵ ਤਲਵਾੜ ਨੂੰ ਪਾਰਟੀ ਦਾ ਕੌਮੀ ਮੀਤ ਪ੍ਰਧਾਨ ਨਿਯੁਕਤ ਕੀਤਾ ਗਿਆ ਹੈ।

ਨਿਯੁਕਤੀ ਤੋਂ ਬਾਅਦ ਉਨ੍ਹਾਂ ਕਿਹਾ ਕਿ ਉਹ ਪਾਰਟੀ ਨੂੰ ਮਜ਼ਬੂਤ ਕਰਨ ਲਈ ਦਿਨ-ਰਾਤ ਮਿਹਨਤ ਕਰਨਗੇ ਅਤੇ ਪਾਰਟੀ ਹਾਈਕਮਾਨ ਵੱਲੋਂ ਸੌਂਪੀ ਜ਼ਿੰਮੇਵਾਰੀ ਨੂੰ ਤਨਦੇਹੀ ਨਾਲ ਨਿਭਾਉਣਗੇ।

ਉਨ੍ਹਾਂ ਆਪਣੀ ਨਿਯੁਕਤੀ ਲਈ ਪਾਰਟੀ ਪ੍ਰਧਾਨ ਦਾ ਧੰਨਵਾਦ ਕੀਤਾ। ਉਨ੍ਹਾਂ ਦੀ ਨਿਯੁਕਤੀ ਤੇ ਵਰਕਰਾਂ ਨੇ ਖ਼ੁਸ਼ੀ ਦਾ ਪ੍ਰਗਟਾਵਾ ਕੀਤਾ।

ਲੋਕ ਸੇਵਾ ਸੋਸਾਇਟੀ ਜਗਰਾਉਂ ਵੱਲੋਂ ਵਿਦਿਆਰਥੀਆਂ ਨੂੰ ਪ੍ਰਸੰਸਾ ਪੱਤਰ ਵੰਡੇ

ਜਗਰਾਉਂ, 12 ਅਗਸਤ (ਜਸਵੰਤ ਸਿੰਘ ਜੱਸ)- ਲੋਕ ਸੇਵਾ ਸੋਸਾਇਟੀ ਵੱਲੋਂ ਮੈਰਿਟ ਵਿੱਚ ਆਏ ਵਿਦਿਆਰਥੀਆਂ ਨੂੰ ਪ੍ਰਸੰਸਾ ਪੱਤਰ ਅਤੇ ਸਨਮਾਨ ਚਿੰਨ੍ਹ ਦੇ ਕੇ ਸਨਮਾਨਿਤ ਕੀਤਾ ਗਿਆ।

ਸੋਸਾਇਟੀ ਦੇ ਪ੍ਰਧਾਨ ਨੇ ਕਿਹਾ ਕਿ ਹੋਣਹਾਰ ਵਿਦਿਆਰਥੀਆਂ ਦਾ ਸਨਮਾਨ ਕਰਨ ਨਾਲ ਹੋਰ ਬੱਚਿਆਂ ਨੂੰ ਵੀ ਪ੍ਰੇਰਨਾ ਮਿਲਦੀ ਹੈ ਅਤੇ ਉਹ ਮਿਹਨਤ ਕਰਨ ਲਈ ਉਤਸ਼ਾਹਿਤ ਹੁੰਦੇ ਹਨ।

ਉਨ੍ਹਾਂ ਕਿਹਾ ਕਿ ਸੋਸਾਇਟੀ ਵੱਲੋਂ ਲੋੜਵੰਦ ਵਿਦਿਆਰਥੀਆਂ ਦੀ ਪੜ੍ਹਾਈ ਦਾ ਖ਼ਰਚਾ ਵੀ ਚੁੱਕਿਆ ਜਾਂਦਾ ਹੈ ਤਾਂ ਜੋ ਕੋਈ ਵੀ ਬੱਚਾ ਪੈਸੇ ਦੀ ਘਾਟ ਕਾਰਨ ਪੜ੍ਹਾਈ ਤੋਂ ਵਾਂਝਾ ਨਾ ਰਹੇ।

ਸਮਾਗਮ ਦੌਰਾਨ ਸ਼ਹਿਰ ਦੀਆਂ ਉੱਘੀਆਂ ਸ਼ਖ਼ਸੀਅਤਾਂ ਨੇ ਸ਼ਿਰਕਤ ਕੀਤੀ ਅਤੇ ਸੋਸਾਇਟੀ ਦੇ ਕਾਰਜਾਂ ਦੀ ਸ਼ਲਾਘਾ ਕੀਤੀ।

ਅਖ਼ੀਰ ਵਿੱਚ ਸੋਸਾਇਟੀ ਦੇ ਸਕੱਤਰ ਨੇ ਆਏ ਹੋਏ ਮਹਿਮਾਨਾਂ ਦਾ ਧੰਨਵਾਦ ਕੀਤਾ।

ਜਗਰਾਉਂ ਵਿਖੇ ਵਿਦਿਆਰਥੀਆਂ ਨੂੰ ਪ੍ਰਸੰਸਾ ਪੱਤਰ ਵੰਡਦੇ ਹੋਏ ਸੋਸਾਇਟੀ ਦੇ ਅਹੁਦੇਦਾਰ।
ਸਮਾਜ ਵੈਲਫੇਅਰ ਐਸੋਸੀਏਸ਼ਨ ਵੱਲੋਂ ਸਥਾਨਕ ਸਰਕਾਰੀ ਹਸਪਤਾਲ 'ਚ ਮੁਫ਼ਤ ਮੈਡੀਕਲ ਚੈੱਕਅੱਪ ਕੈਂਪ ਲਗਾਇਆ

ਮਲੋਟ, 12 ਅਗਸਤ (ਅਸ਼ੋਕ ਕੁਮਾਰ)- ਸਮਾਜ ਵੈਲਫੇਅਰ ਐਸੋਸੀਏਸ਼ਨ ਵੱਲੋਂ ਸਥਾਨਕ ਸਰਕਾਰੀ ਹਸਪਤਾਲ ਵਿੱਚ ਮੁਫ਼ਤ ਮੈਡੀਕਲ ਚੈੱਕਅੱਪ ਕੈਂਪ ਲਗਾਇਆ ਗਿਆ।

ਕੈਂਪ ਦੌਰਾਨ 200 ਤੋਂ ਵੱਧ ਮਰੀਜ਼ਾਂ ਦੀ ਜਾਂਚ ਕੀਤੀ ਗਈ ਅਤੇ ਉਨ੍ਹਾਂ ਨੂੰ ਮੁਫ਼ਤ ਦਵਾਈਆਂ ਵੀ ਵੰਡੀਆਂ ਗਈਆਂ। ਮਾਹਿਰ ਡਾਕਟਰਾਂ ਨੇ ਆਪਣੀਆਂ ਸੇਵਾਵਾਂ ਦਿੱਤੀਆਂ।

ਐਸੋਸੀਏਸ਼ਨ ਦੇ ਅਹੁਦੇਦਾਰਾਂ ਨੇ ਕਿਹਾ ਕਿ ਅਜਿਹੇ ਕੈਂਪ ਸਮੇਂ-ਸਮੇਂ ਤੇ ਲਗਾਏ ਜਾਂਦੇ ਰਹਿਣਗੇ ਤਾਂ ਜੋ ਲੋੜਵੰਦ ਲੋਕਾਂ ਨੂੰ ਸਿਹਤ ਸਹੂਲਤਾਂ ਮਿਲ ਸਕਣ।

ਉਨ੍ਹਾਂ ਕਿਹਾ ਕਿ ਸਿਹਤ ਸਭ ਤੋਂ ਵੱਡਾ ਧਨ ਹੈ ਅਤੇ ਲੋਕਾਂ ਨੂੰ ਆਪਣੀ ਸਿਹਤ ਪ੍ਰਤੀ ਸੁਚੇਤ ਰਹਿਣਾ ਚਾਹੀਦਾ ਹੈ।

ਇਸ ਮੌਕੇ ਹਸਪਤਾਲ ਦਾ ਸਮੂਹ ਸਟਾਫ਼ ਅਤੇ ਐਸੋਸੀਏਸ਼ਨ ਦੇ ਮੈਂਬਰ ਹਾਜ਼ਰ ਸਨ।

ਮੈਡੀਕਲ ਚੈੱਕਅੱਪ ਕੈਂਪ ਦੌਰਾਨ ਮਰੀਜ਼ਾਂ ਦੀ ਜਾਂਚ ਕਰਦੇ ਹੋਏ ਡਾਕਟਰ।
ਬੇਦਖਲੀ
■ ਮੈਂ ਰਾਜ ਕੁਮਾਰ ਪੁੱਤਰ ਸ਼੍ਰੀ ਕਰਮ ਚੰਦ ਮਕਾਨ ਨੰਬਰ 30, ਆਦਰਸ਼ ਨਗਰ, ਬਿਆਨ ਕਰਦਾ ਹਾਂ ਕਿ ਮੇਰਾ ਲੜਕਾ ਅਤੇ ਨੂੰਹ ਮੇਰੇ ਕਹਿਣੇ ਤੋਂ ਬਾਹਰ ਹਨ, ਇਸ ਲਈ ਮੈਂ ਉਨ੍ਹਾਂ ਨੂੰ ਆਪਣੀ ਚੱਲ ਅਚੱਲ ਜਾਇਦਾਦ ਤੋਂ ਬੇਦਖ਼ਲ ਕਰਦਾ ਹਾਂ। ਉਨ੍ਹਾਂ ਨਾਲ ਕੋਈ ਵੀ ਲੈਣ-ਦੇਣ ਕਰਨ ਵਾਲਾ ਖ਼ੁਦ ਜ਼ਿੰਮੇਵਾਰ ਹੋਵੇਗਾ।
■ ਮੈਂ ਮਹਿੰਦਰ ਸਿੰਘ ਪੁੱਤਰ ਸ. ਗੁਰਦੀਪ ਸਿੰਘ ਵਾਸੀ ਮਕਾਨ ਨੰਬਰ 1124/1, ਗਲੀ ਨੰਬਰ 3, ਬਿਆਨ ਕਰਦਾ ਹਾਂ ਕਿ ਮੇਰਾ ਲੜਕਾ ਮੇਰੇ ਕਹਿਣੇ ਵਿੱਚ ਨਹੀਂ ਹੈ ਅਤੇ ਮੈਂ ਉਸ ਨੂੰ ਆਪਣੀ ਸਾਰੀ ਚੱਲ ਅਚੱਲ ਜਾਇਦਾਦ ਤੋਂ ਬੇਦਖ਼ਲ ਕਰਦਾ ਹਾਂ।
■ ਅਸੀਂ ਸ਼੍ਰੀ ਕ੍ਰਿਸ਼ਨ ਮੋਹੀ ਪੁੱਤਰ ਰਾਮ ਲਾਲ ਵਾਸੀ ਮਕਾਨ ਨੰਬਰ 506, ਗਲੀ ਨੰਬਰ 1, ਕ੍ਰਿਸ਼ਨਾ ਨਗਰ, ਬਿਆਨ ਕਰਦੇ ਹਾਂ ਕਿ ਸਾਡਾ ਪੁੱਤਰ ਅਤੇ ਨੂੰਹ ਸਾਡੇ ਕਹਿਣੇ ਤੋਂ ਬਾਹਰ ਹਨ, ਇਸ ਲਈ ਅਸੀਂ ਉਨ੍ਹਾਂ ਨੂੰ ਆਪਣੀ ਜਾਇਦਾਦ ਤੋਂ ਬੇਦਖ਼ਲ ਕਰਦੇ ਹਾਂ।
■ ਮੈਂ ਅਮਰਜੀਤ ਕੌਰ ਪਤਨੀ ਸਵਰਗੀ ਸ. ਸੁਰਜੀਤ ਸਿੰਘ ਵਾਸੀ ਮਕਾਨ ਨੰਬਰ 1703/34, ਬਿਆਨ ਕਰਦੀ ਹਾਂ ਕਿ ਮੇਰੀ ਨੂੰਹ ਅਤੇ ਪੁੱਤਰ ਮੇਰੀ ਸੇਵਾ ਨਹੀਂ ਕਰਦੇ, ਇਸ ਲਈ ਮੈਂ ਉਨ੍ਹਾਂ ਨੂੰ ਆਪਣੀ ਸਾਰੀ ਜਾਇਦਾਦ ਤੋਂ ਬੇਦਖ਼ਲ ਕਰਦੀ ਹਾਂ।
■ ਮੈਂ ਮਨਜੀਤ ਸਿੰਘ ਪੁੱਤਰ ਸ. ਜਸਵੰਤ ਸਿੰਘ ਵਾਸੀ ਮਕਾਨ # 108 ਨੇੜੇ ਬੱਸ ਅੱਡਾ, ਬਿਆਨ ਕਰਦਾ ਹਾਂ ਕਿ ਮੇਰਾ ਲੜਕਾ ਮੇਰੇ ਕਹਿਣੇ ਤੋਂ ਬਾਹਰ ਹੈ ਅਤੇ ਮੈਂ ਉਸ ਨੂੰ ਬੇਦਖ਼ਲ ਕਰਦਾ ਹਾਂ।
■ ਮੈਂ ਸੁਖਦੇਵ ਸਿੰਘ ਪੁੱਤਰ ਸ. ਬਚਨ ਸਿੰਘ ਬਿਆਨ ਕਰਦਾ ਹਾਂ ਕਿ ਮੇਰਾ ਪੁੱਤਰ ਅਤੇ ਨੂੰਹ ਮੇਰੇ ਕਹਿਣੇ ਵਿੱਚ ਨਹੀਂ ਹਨ, ਇਸ ਲਈ ਮੈਂ ਉਨ੍ਹਾਂ ਨੂੰ ਆਪਣੀ ਚੱਲ ਅਚੱਲ ਜਾਇਦਾਦ ਤੋਂ ਬੇਦਖ਼ਲ ਕਰਦਾ ਹਾਂ।
■ ਮੈਂ ਬਲਵੀਰ ਕੌਰ ਪਤਨੀ ਸ. ਹਰਬੰਸ ਸਿੰਘ ਬਿਆਨ ਕਰਦੀ ਹਾਂ ਕਿ ਮੇਰੀ ਔਲਾਦ ਮੇਰੀ ਸਾਂਭ-ਸੰਭਾਲ ਨਹੀਂ ਕਰਦੀ, ਇਸ ਲਈ ਮੈਂ ਉਨ੍ਹਾਂ ਨੂੰ ਆਪਣੀ ਜਾਇਦਾਦ ਤੋਂ ਬੇਦਖ਼ਲ ਕਰਦੀ ਹਾਂ।
■ ਮੈਂ ਹਰਨੇਕ ਸਿੰਘ ਪੁੱਤਰ ਸ. 27 ਏਕੜ ਦੇ ਵਾਸੀ ਬਿਆਨ ਕਰਦਾ ਹਾਂ ਕਿ ਮੇਰਾ ਲੜਕਾ ਮੇਰੇ ਕਹਿਣੇ ਤੋਂ ਬਾਹਰ ਹੈ, ਇਸ ਲਈ ਮੈਂ ਉਸ ਨੂੰ ਬੇਦਖ਼ਲ ਕਰਦਾ ਹਾਂ। ਉਸ ਨਾਲ ਕੋਈ ਲੈਣ-ਦੇਣ ਕਰਨ ਵਾਲਾ ਖ਼ੁਦ ਜ਼ਿੰਮੇਵਾਰ ਹੋਵੇਗਾ।

ਸੋਸਾਇਟੀ ਦੇ ਪ੍ਰਧਾਨ ਨੇ ਕਿਹਾ ਕਿ ਹੋਣਹਾਰ ਵਿਦਿਆਰਥੀਆਂ ਦਾ ਸਨਮਾਨ ਕਰਨ ਨਾਲ ਹੋਰ ਬੱਚਿਆਂ ਨੂੰ ਵੀ ਪ੍ਰੇਰਨਾ ਮਿਲਦੀ ਹੈ ਅਤੇ ਉਹ ਮਿਹਨਤ ਕਰਨ ਲਈ ਉਤਸ਼ਾਹਿਤ ਹੁੰਦੇ ਹਨ।

ਉਨ੍ਹਾਂ ਕਿਹਾ ਕਿ ਸੋਸਾਇਟੀ ਵੱਲੋਂ ਲੋੜਵੰਦ ਵਿਦਿਆਰਥੀਆਂ ਦੀ ਪੜ੍ਹਾਈ ਦਾ ਖ਼ਰਚਾ ਵੀ ਚੁੱਕਿਆ ਜਾਂਦਾ ਹੈ ਤਾਂ ਜੋ ਕੋਈ ਵੀ ਬੱਚਾ ਪੈਸੇ ਦੀ ਘਾਟ ਕਾਰਨ ਪੜ੍ਹਾਈ ਤੋਂ ਵਾਂਝਾ ਨਾ ਰਹੇ।

ਕੈਂਪ ਦੌਰਾਨ 200 ਤੋਂ ਵੱਧ ਮਰੀਜ਼ਾਂ ਦੀ ਜਾਂਚ ਕੀਤੀ ਗਈ ਅਤੇ ਉਨ੍ਹਾਂ ਨੂੰ ਮੁਫ਼ਤ ਦਵਾਈਆਂ ਵੀ ਵੰਡੀਆਂ ਗਈਆਂ। ਮਾਹਿਰ ਡਾਕਟਰਾਂ ਨੇ ਆਪਣੀਆਂ ਸੇਵਾਵਾਂ ਦਿੱਤੀਆਂ।

ਐਸੋਸੀਏਸ਼ਨ ਦੇ ਅਹੁਦੇਦਾਰਾਂ ਨੇ ਕਿਹਾ ਕਿ ਅਜਿਹੇ ਕੈਂਪ ਸਮੇਂ-ਸਮੇਂ ਤੇ ਲਗਾਏ ਜਾਂਦੇ ਰਹਿਣਗੇ ਤਾਂ ਜੋ ਲੋੜਵੰਦ ਲੋਕਾਂ ਨੂੰ ਸਿਹਤ ਸਹੂਲਤਾਂ ਮਿਲ ਸਕਣ।

ਉਨ੍ਹਾਂ ਕਿਹਾ ਕਿ ਸਿਹਤ ਸਭ ਤੋਂ ਵੱਡਾ ਧਨ ਹੈ ਅਤੇ ਲੋਕਾਂ ਨੂੰ ਆਪਣੀ ਸਿਹਤ ਪ੍ਰਤੀ ਸੁਚੇਤ ਰਹਿਣਾ ਚਾਹੀਦਾ ਹੈ।

ਸਾਂਝੇ ਫਰੰਟ ਦੇ ਸੱਦੇ ਤੇ ਮੁਲਾਜ਼ਮਾਂ ਅਤੇ ਪੈਨਸ਼ਨਰਾਂ ਵੱਲੋਂ ਮੁੱਖ ਮੰਤਰੀ ਅਤੇ ਵਿੱਤ ਮੰਤਰੀ ਦੇ ਪੁਤਲੇ ਫੂਕ ਕੇ ਕੀਤਾ ਰੋਸ ਪ੍ਰਦਰਸ਼ਨ

ਬਰਨਾਲਾ, 12 ਅਗਸਤ (ਹਰਜੀਤ ਸਿੰਘ ਮਾਂਗੇ)- ਸਾਂਝਾ ਮੁਲਾਜ਼ਮ ਤੇ ਪੈਨਸ਼ਨਰ ਫਰੰਟ ਪੰਜਾਬ ਦੇ ਸੱਦੇ ਤੇ ਅੱਜ ਇੱਥੇ ਮੁਲਾਜ਼ਮਾਂ ਅਤੇ ਪੈਨਸ਼ਨਰਾਂ ਵੱਲੋਂ ਮੁੱਖ ਮੰਤਰੀ ਅਤੇ ਵਿੱਤ ਮੰਤਰੀ ਦੇ ਪੁਤਲੇ ਫੂਕੇ ਗਏ।

ਬੁਲਾਰਿਆਂ ਨੇ ਕਿਹਾ ਕਿ ਸਰਕਾਰ ਵੱਲੋਂ 17-07-2020 ਦੇ ਨੋਟੀਫਿਕੇਸ਼ਨ ਨੂੰ ਰੱਦ ਕੀਤਾ ਜਾਵੇ ਅਤੇ ਪੁਰਾਣੀ ਪੈਨਸ਼ਨ ਸਕੀਮ ਬਹਾਲ ਕੀਤੀ ਜਾਵੇ। ਉਨ੍ਹਾਂ ਕਿਹਾ ਕਿ ਡੀ.ਏ. ਦੀਆਂ ਬਕਾਇਆ ਕਿਸ਼ਤਾਂ ਤੁਰੰਤ ਜਾਰੀ ਕੀਤੀਆਂ ਜਾਣ।

ਆਗੂਆਂ ਨੇ ਕਿਹਾ ਕਿ ਜੇਕਰ ਸਰਕਾਰ ਨੇ ਮੰਗਾਂ ਨਾ ਮੰਨੀਆਂ ਤਾਂ ਸੰਘਰਸ਼ ਹੋਰ ਤਿੱਖਾ ਕੀਤਾ ਜਾਵੇਗਾ। ਇਸ ਮੌਕੇ ਵੱਡੀ ਗਿਣਤੀ ਵਿੱਚ ਮੁਲਾਜ਼ਮ ਅਤੇ ਪੈਨਸ਼ਨਰ ਹਾਜ਼ਰ ਸਨ।

ਉਨ੍ਹਾਂ ਸਰਕਾਰ ਖ਼ਿਲਾਫ਼ ਜੰਮ ਕੇ ਨਾਅਰੇਬਾਜ਼ੀ ਕੀਤੀ ਅਤੇ ਮੰਗ ਪੱਤਰ ਪ੍ਰਸ਼ਾਸਨ ਨੂੰ ਸੌਂਪਿਆ।

ਬਰਨਾਲਾ ਵਿਖੇ ਮੁੱਖ ਮੰਤਰੀ ਦਾ ਪੁਤਲਾ ਫੂਕਦੇ ਹੋਏ ਮੁਲਾਜ਼ਮ ਅਤੇ ਪੈਨਸ਼ਨਰ।
